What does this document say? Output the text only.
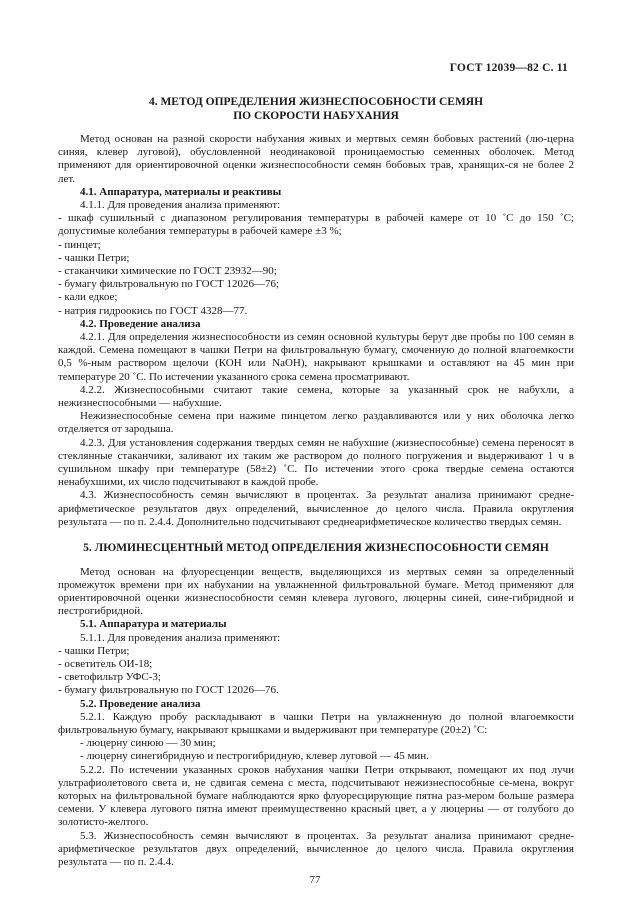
ГОСТ 12039—82 С. 11
4. МЕТОД ОПРЕДЕЛЕНИЯ ЖИЗНЕСПОСОБНОСТИ СЕМЯН
ПО СКОРОСТИ НАБУХАНИЯ

Метод основан на разной скорости набухания живых и мертвых семян бобовых растений (лю-церна синяя, клевер луговой), обусловленной неодинаковой проницаемостью семенных оболочек. Метод применяют для ориентировочной оценки жизнеспособности семян бобовых трав, хранящих-ся не более 2 лет.

4.1. Аппаратура, материалы и реактивы

4.1.1. Для проведения анализа применяют:

- шкаф сушильный с диапазоном регулирования температуры в рабочей камере от 10 ˚С до 150 ˚С; допустимые колебания температуры в рабочей камере ±3 %;

- пинцет;

- чашки Петри;

- стаканчики химические по ГОСТ 23932—90;

- бумагу фильтровальную по ГОСТ 12026—76;

- кали едкое;

- натрия гидроокись по ГОСТ 4328—77.

4.2. Проведение анализа

4.2.1. Для определения жизнеспособности из семян основной культуры берут две пробы по 100 семян в каждой. Семена помещают в чашки Петри на фильтровальную бумагу, смоченную до полной влагоемкости 0,5 %-ным раствором щелочи (КОН или NaOH), накрывают крышками и оставляют на 45 мин при температуре 20 ˚С. По истечении указанного срока семена просматривают.

4.2.2. Жизнеспособными считают такие семена, которые за указанный срок не набухли, а нежизнеспособными — набухшие.

Нежизнеспособные семена при нажиме пинцетом легко раздавливаются или у них оболочка легко отделяется от зародыша.

4.2.3. Для установления содержания твердых семян не набухшие (жизнеспособные) семена переносят в стеклянные стаканчики, заливают их таким же раствором до полного погружения и выдерживают 1 ч в сушильном шкафу при температуре (58±2) ˚С. По истечении этого срока твердые семена остаются ненабухшими, их число подсчитывают в каждой пробе.

4.3. Жизнеспособность семян вычисляют в процентах. За результат анализа принимают средне-арифметическое результатов двух определений, вычисленное до целого числа. Правила округления результата — по п. 2.4.4. Дополнительно подсчитывают среднеарифметическое количество твердых семян.

5. ЛЮМИНЕСЦЕНТНЫЙ МЕТОД ОПРЕДЕЛЕНИЯ ЖИЗНЕСПОСОБНОСТИ СЕМЯН

Метод основан на флуоресценции веществ, выделяющихся из мертвых семян за определенный промежуток времени при их набухании на увлажненной фильтровальной бумаге. Метод применяют для ориентировочной оценки жизнеспособности семян клевера лугового, люцерны синей, сине-гибридной и пестрогибридной.

5.1. Аппаратура и материалы

5.1.1. Для проведения анализа применяют:

- чашки Петри;

- осветитель ОИ-18;

- светофильтр УФС-3;

- бумагу фильтровальную по ГОСТ 12026—76.

5.2. Проведение анализа

5.2.1. Каждую пробу раскладывают в чашки Петри на увлажненную до полной влагоемкости фильтровальную бумагу, накрывают крышками и выдерживают при температуре (20±2) ˚С:

- люцерну синюю — 30 мин;

- люцерну синегибридную и пестрогибридную, клевер луговой — 45 мин.

5.2.2. По истечении указанных сроков набухания чашки Петри открывают, помещают их под лучи ультрафиолетового света и, не сдвигая семена с места, подсчитывают нежизнеспособные се-мена, вокруг которых на фильтровальной бумаге наблюдаются ярко флуоресцирующие пятна раз-мером больше размера семени. У клевера лугового пятна имеют преимущественно красный цвет, а у люцерны — от голубого до золотисто-желтого.

5.3. Жизнеспособность семян вычисляют в процентах. За результат анализа принимают средне-арифметическое результатов двух определений, вычисленное до целого числа. Правила округления результата — по п. 2.4.4.

77
